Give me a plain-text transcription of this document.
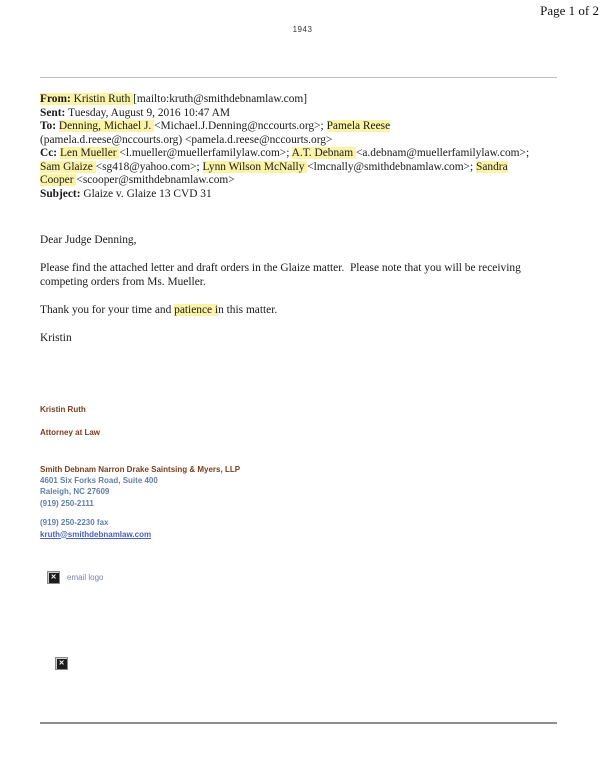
Page 1 of 2
1943
From: Kristin Ruth [mailto:kruth@smithdebnamlaw.com]
Sent: Tuesday, August 9, 2016 10:47 AM
To: Denning, Michael J. <Michael.J.Denning@nccourts.org>; Pamela Reese
(pamela.d.reese@nccourts.org) <pamela.d.reese@nccourts.org>
Cc: Len Mueller <l.mueller@muellerfamilylaw.com>; A.T. Debnam <a.debnam@muellerfamilylaw.com>;
Sam Glaize <sg418@yahoo.com>; Lynn Wilson McNally <lmcnally@smithdebnamlaw.com>; Sandra
Cooper <scooper@smithdebnamlaw.com>
Subject: Glaize v. Glaize 13 CVD 31
Dear Judge Denning,
Please find the attached letter and draft orders in the Glaize matter.  Please note that you will be receiving
competing orders from Ms. Mueller.
Thank you for your time and patience in this matter.
Kristin
Kristin Ruth
Attorney at Law
Smith Debnam Narron Drake Saintsing & Myers, LLP
4601 Six Forks Road, Suite 400
Raleigh, NC 27609
(919) 250-2111
(919) 250-2230 fax
kruth@smithdebnamlaw.com
✕	email logo
✕
